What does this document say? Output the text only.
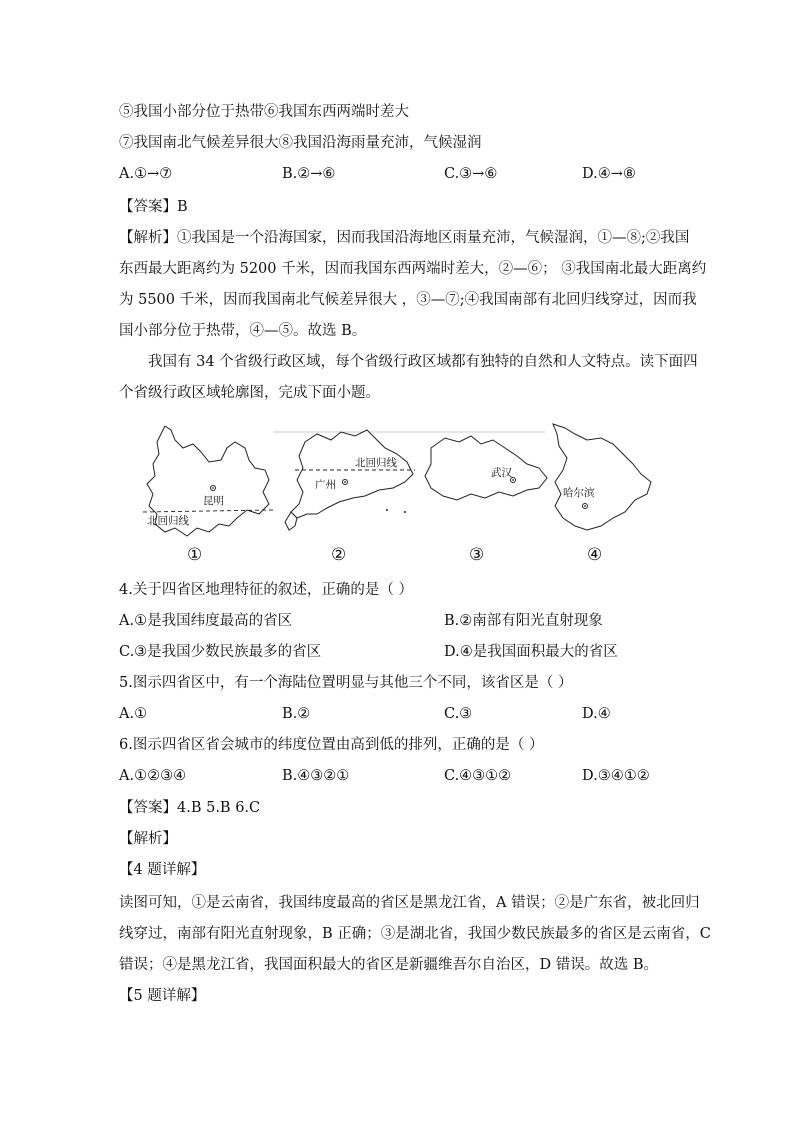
⑤我国小部分位于热带⑥我国东西两端时差大
⑦我国南北气候差异很大⑧我国沿海雨量充沛，气候湿润
A.①→⑦	B.②→⑥	C.③→⑥	D.④→⑧
【答案】B
【解析】①我国是一个沿海国家，因而我国沿海地区雨量充沛，气候湿润，①—⑧;②我国
东西最大距离约为 5200 千米，因而我国东西两端时差大，②—⑥； ③我国南北最大距离约
为 5500 千米，因而我国南北气候差异很大 ，③—⑦;④我国南部有北回归线穿过，因而我
国小部分位于热带，④—⑤。故选 B。
我国有 34 个省级行政区域，每个省级行政区域都有独特的自然和人文特点。读下面四
个省级行政区域轮廓图，完成下面小题。
昆明
北回归线
北回归线
广州
武汉
哈尔滨
①	②	③	④
4.关于四省区地理特征的叙述，正确的是（ ）
A.①是我国纬度最高的省区	B.②南部有阳光直射现象
C.③是我国少数民族最多的省区	D.④是我国面积最大的省区
5.图示四省区中，有一个海陆位置明显与其他三个不同，该省区是（ ）
A.①	B.②	C.③	D.④
6.图示四省区省会城市的纬度位置由高到低的排列，正确的是（ ）
A.①②③④	B.④③②①	C.④③①②	D.③④①②
【答案】4.B 5.B 6.C
【解析】
【4 题详解】
读图可知，①是云南省，我国纬度最高的省区是黑龙江省，A 错误；②是广东省，被北回归
线穿过，南部有阳光直射现象，B 正确；③是湖北省，我国少数民族最多的省区是云南省，C
错误；④是黑龙江省，我国面积最大的省区是新疆维吾尔自治区，D 错误。故选 B。
【5 题详解】
